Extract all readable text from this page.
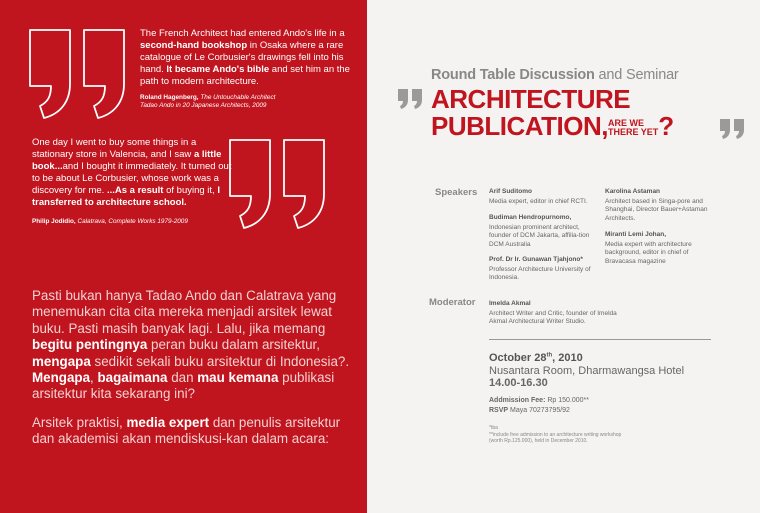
The French Architect had entered Ando's life in a second-hand bookshop in Osaka where a rare catalogue of Le Corbusier's drawings fell into his hand. It became Ando's bible and set him an the path to modern architecture.
Roland Hagenberg, The Untouchable Architect
Tadao Ando in 20 Japanese Architects, 2009
One day I went to buy some things in a stationary store in Valencia, and I saw a little book...and I bought it immediately. It turned out to be about Le Corbusier, whose work was a discovery for me. ...As a result of buying it, I transferred to architecture school.
Philip Jodidio, Calatrava, Complete Works 1979-2009

Pasti bukan hanya Tadao Ando dan Calatrava yang menemukan cita cita mereka menjadi arsitek lewat buku. Pasti masih banyak lagi. Lalu, jika memang begitu pentingnya peran buku dalam arsitektur, mengapa sedikit sekali buku arsitektur di Indonesia?. Mengapa, bagaimana dan mau kemana publikasi arsitektur kita sekarang ini?

Arsitek praktisi, media expert dan penulis arsitektur dan akademisi akan mendiskusi-kan dalam acara:

Round Table Discussion and Seminar
ARCHITECTURE
PUBLICATION,ARE WE
THERE YET?
Speakers Arif Suditomo
Media expert, editor in chief RCTI.
Budiman Hendropurnomo,
Indonesian prominent architect, founder of DCM Jakarta, affilia-tion DCM Australia
Prof. Dr Ir. Gunawan Tjahjono*
Professor Architecture University of Indonesia.
Karolina Astaman
Architect based in Singa-pore and Shanghai, Director Bauer+Astaman Architects.
Miranti Lemi Johan,
Media expert with architecture background, editor in chief of Bravacasa magazine
Moderator Imelda Akmal
Architect Writer and Critic, founder of Imelda Akmal Architectural Writer Studio.
October 28th, 2010
Nusantara Room, Dharmawangsa Hotel
14.00-16.30
Addmission Fee: Rp 150.000**
RSVP Maya 70273795/92
*tba
**include free admission to an architecture writing workshop
(worth Rp.125.000), held in December 2010.
